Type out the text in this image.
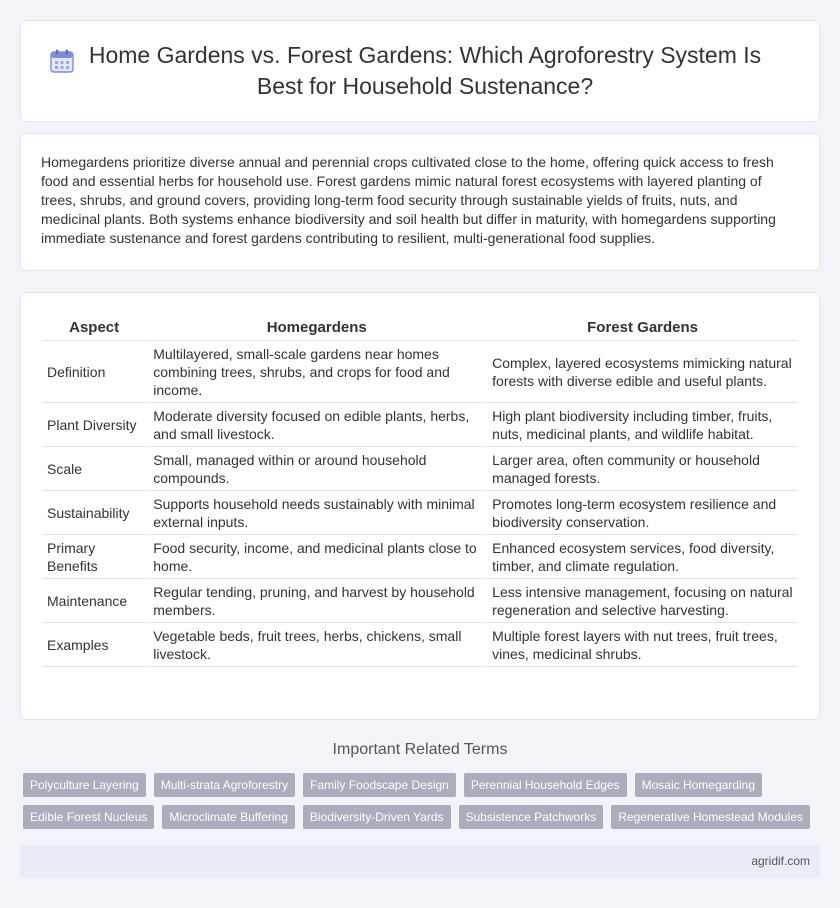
Home Gardens vs. Forest Gardens: Which Agroforestry System Is Best for Household Sustenance?

Homegardens prioritize diverse annual and perennial crops cultivated close to the home, offering quick access to fresh food and essential herbs for household use. Forest gardens mimic natural forest ecosystems with layered planting of trees, shrubs, and ground covers, providing long-term food security through sustainable yields of fruits, nuts, and medicinal plants. Both systems enhance biodiversity and soil health but differ in maturity, with homegardens supporting immediate sustenance and forest gardens contributing to resilient, multi-generational food supplies.

Aspect	Homegardens	Forest Gardens
Definition	Multilayered, small-scale gardens near homes combining trees, shrubs, and crops for food and income.	Complex, layered ecosystems mimicking natural forests with diverse edible and useful plants.
Plant Diversity	Moderate diversity focused on edible plants, herbs, and small livestock.	High plant biodiversity including timber, fruits, nuts, medicinal plants, and wildlife habitat.
Scale	Small, managed within or around household compounds.	Larger area, often community or household managed forests.
Sustainability	Supports household needs sustainably with minimal external inputs.	Promotes long-term ecosystem resilience and biodiversity conservation.
Primary Benefits	Food security, income, and medicinal plants close to home.	Enhanced ecosystem services, food diversity, timber, and climate regulation.
Maintenance	Regular tending, pruning, and harvest by household members.	Less intensive management, focusing on natural regeneration and selective harvesting.
Examples	Vegetable beds, fruit trees, herbs, chickens, small livestock.	Multiple forest layers with nut trees, fruit trees, vines, medicinal shrubs.
Important Related Terms
Polyculture Layering	Multi-strata Agroforestry	Family Foodscape Design	Perennial Household Edges	Mosaic Homegarding
Edible Forest Nucleus	Microclimate Buffering	Biodiversity-Driven Yards	Subsistence Patchworks	Regenerative Homestead Modules
agridif.com
